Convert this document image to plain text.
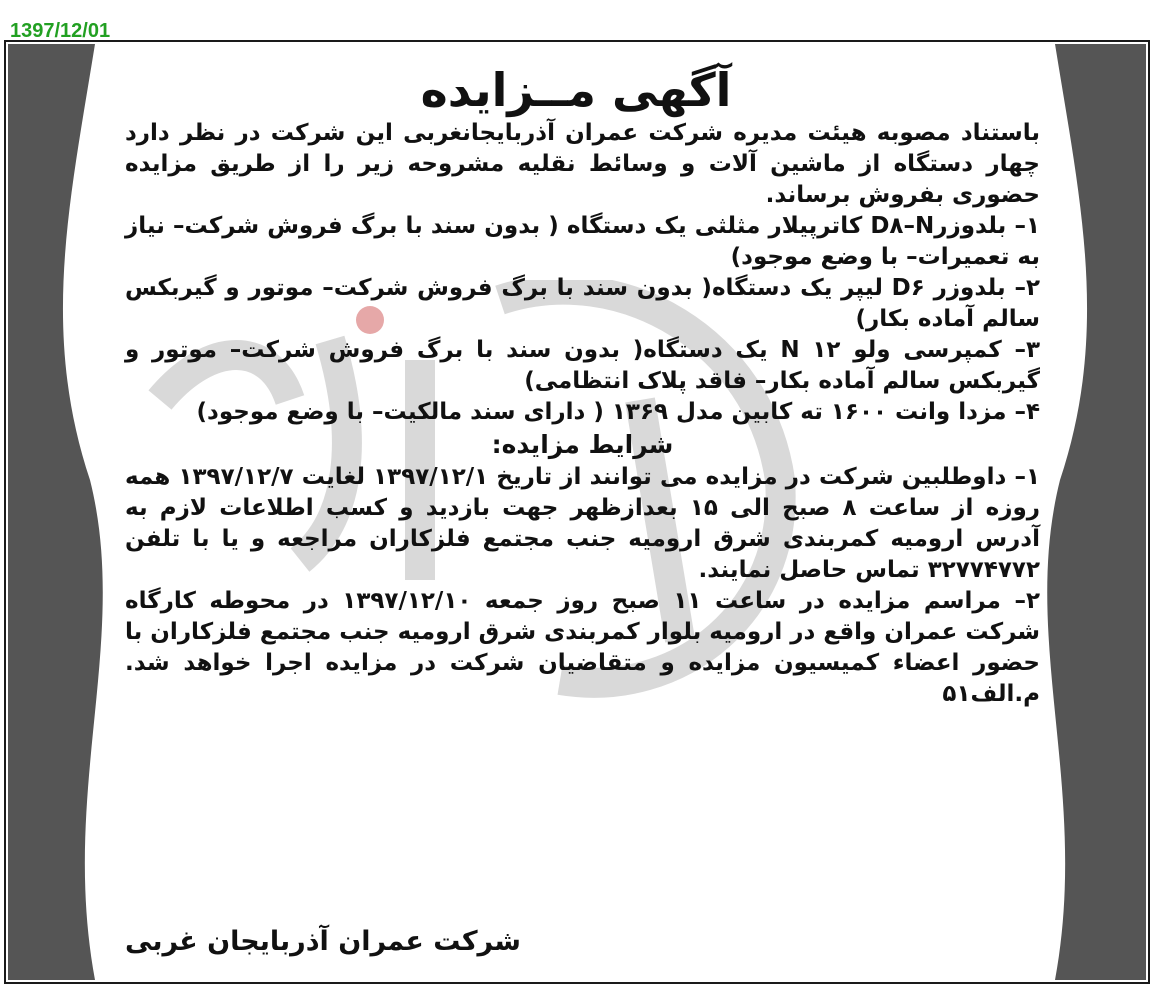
1397/12/01
آگهی مــزایده

باستناد مصوبه هیئت مدیره شرکت عمران آذربایجانغربی این شرکت در نظر دارد چهار دستگاه از ماشین آلات و وسائط نقلیه مشروحه زیر را از طریق مزایده حضوری بفروش برساند.

۱– بلدوزرD۸–N کاترپیلار مثلثی یک دستگاه ( بدون سند با برگ فروش شرکت– نیاز به تعمیرات– با وضع موجود)

۲– بلدوزر D۶ لیپر یک دستگاه( بدون سند با برگ فروش شرکت– موتور و گیربکس سالم آماده بکار)

۳– کمپرسی ولو N ۱۲ یک دستگاه( بدون سند با برگ فروش شرکت– موتور و گیربکس سالم آماده بکار– فاقد پلاک انتظامی)

۴– مزدا وانت ۱۶۰۰ ته کابین مدل ۱۳۶۹ ( دارای سند مالکیت– با وضع موجود)

شرایط مزایده:

۱– داوطلبین شرکت در مزایده می توانند از تاریخ ۱۳۹۷/۱۲/۱ لغایت ۱۳۹۷/۱۲/۷ همه روزه از ساعت ۸ صبح الی ۱۵ بعدازظهر جهت بازدید و کسب اطلاعات لازم به آدرس ارومیه کمربندی شرق ارومیه جنب مجتمع فلزکاران مراجعه و یا با تلفن ۳۲۷۷۴۷۷۲ تماس حاصل نمایند.

۲– مراسم مزایده در ساعت ۱۱ صبح روز جمعه ۱۳۹۷/۱۲/۱۰ در محوطه کارگاه شرکت عمران واقع در ارومیه بلوار کمربندی شرق ارومیه جنب مجتمع فلزکاران با حضور اعضاء کمیسیون مزایده و متقاضیان شرکت در مزایده اجرا خواهد شد. م.الف۵۱

شرکت عمران آذربایجان غربی
